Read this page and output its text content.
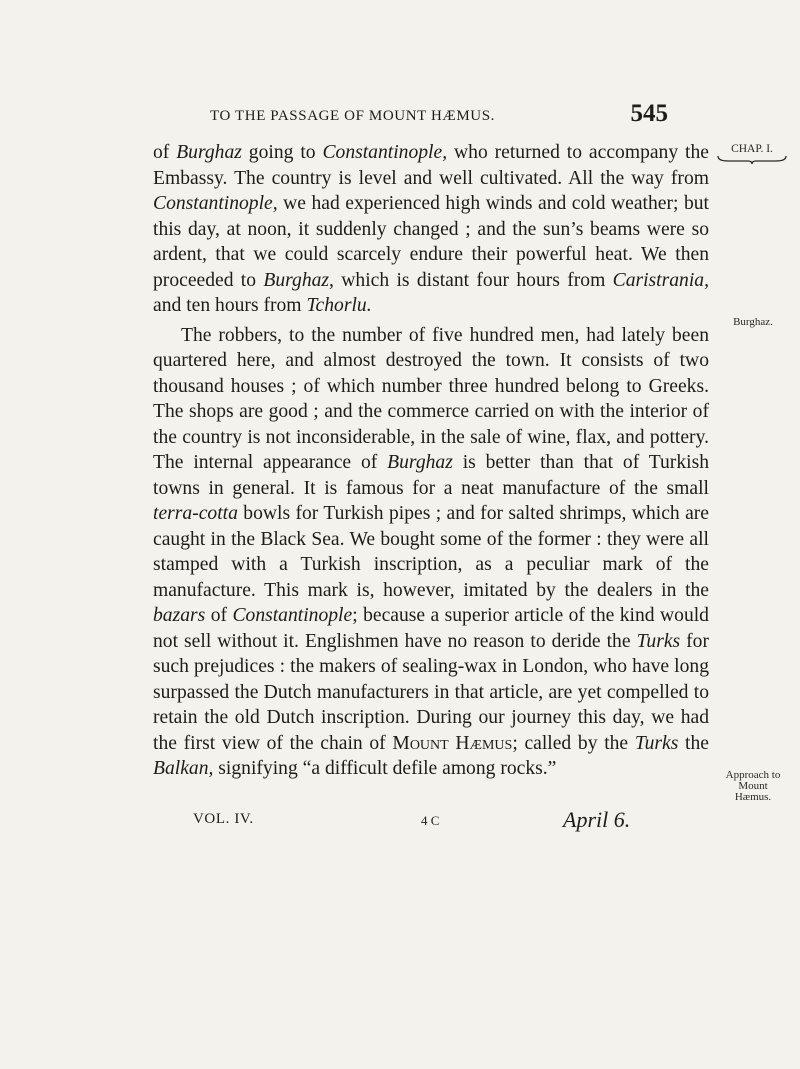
TO THE PASSAGE OF MOUNT HÆMUS.	545
CHAP. I.
Burghaz.
Approach to
Mount
Hæmus.

of Burghaz going to Constantinople, who returned to accompany the Embassy. The country is level and well cultivated. All the way from Constantinople, we had experienced high winds and cold weather; but this day, at noon, it suddenly changed ; and the sun’s beams were so ardent, that we could scarcely endure their powerful heat. We then proceeded to Burghaz, which is distant four hours from Caristrania, and ten hours from Tchorlu.

The robbers, to the number of five hundred men, had lately been quartered here, and almost destroyed the town. It consists of two thousand houses ; of which number three hundred belong to Greeks. The shops are good ; and the commerce carried on with the interior of the country is not inconsiderable, in the sale of wine, flax, and pottery. The internal appearance of Burghaz is better than that of Turkish towns in general. It is famous for a neat manufacture of the small terra-cotta bowls for Turkish pipes ; and for salted shrimps, which are caught in the Black Sea. We bought some of the former : they were all stamped with a Turkish inscription, as a peculiar mark of the manufacture. This mark is, however, imitated by the dealers in the bazars of Constantinople; because a superior article of the kind would not sell without it. Englishmen have no reason to deride the Turks for such prejudices : the makers of sealing-wax in London, who have long surpassed the Dutch manufacturers in that article, are yet compelled to retain the old Dutch inscription. During our journey this day, we had the first view of the chain of Mount Hæmus; called by the Turks the Balkan, signifying “a difficult defile among rocks.”

VOL. IV.	4 C	April 6.
